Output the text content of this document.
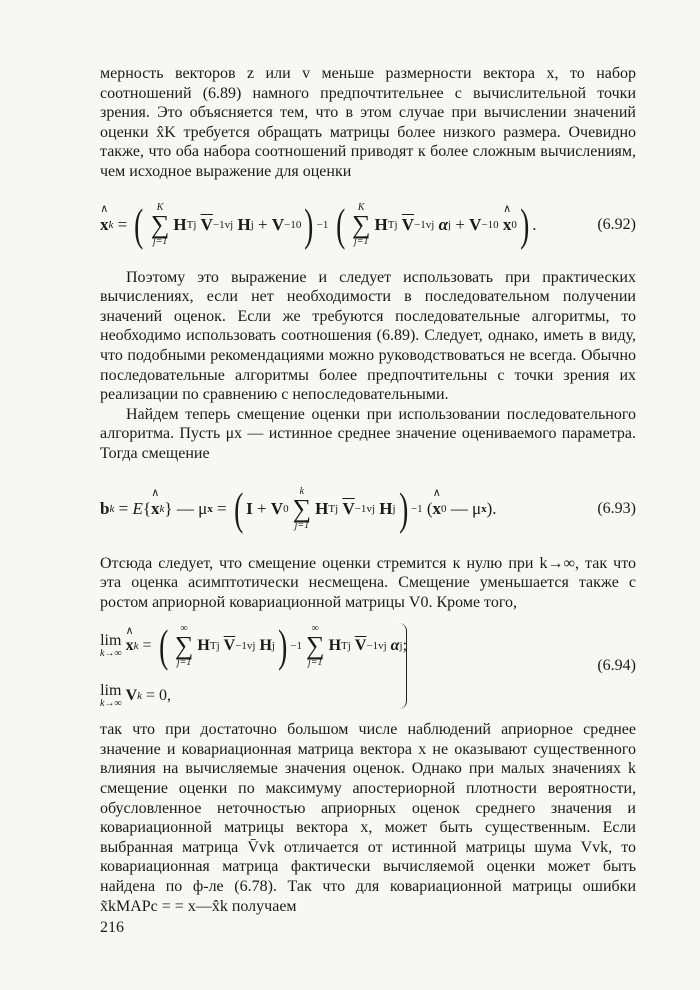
мерность векторов z или v меньше размерности вектора x, то набор соотношений (6.89) намного предпочтительнее с вычислительной точки зрения. Это объясняется тем, что в этом случае при вычислении значений оценки x̂K требуется обращать матрицы более низкого размера. Очевидно также, что оба набора соотношений приводят к более сложным вычислениям, чем исходное выражение для оценки

∧ x k = ( K
∑
j=1
H T j
$\overline{V} -1$ vj
H j + V −1 0 ) −1
( K
∑
j=1
H T j
$\overline{V} -1$ vj
α j + V −1 0
∧ x 0 ) .	(6.92)

Поэтому это выражение и следует использовать при практических вычислениях, если нет необходимости в последовательном получении значений оценок. Если же требуются последовательные алгоритмы, то необходимо использовать соотношения (6.89). Следует, однако, иметь в виду, что подобными рекомендациями можно руководствоваться не всегда. Обычно последовательные алгоритмы более предпочтительны с точки зрения их реализации по сравнению с непоследовательными.

Найдем теперь смещение оценки при использовании последовательного алгоритма. Пусть μx — истинное среднее значение оцениваемого параметра. Тогда смещение

b k = E { ∧ x k } — μ x = ( I + V 0
k
∑
j=1
H T j
$\overline{V} -1$ vj
H j ) −1 ( ∧ x 0 — μ x ).	(6.93)

Отсюда следует, что смещение оценки стремится к нулю при k→∞, так что эта оценка асимптотически несмещена. Смещение уменьшается также с ростом априорной ковариационной матрицы V0. Кроме того,

lim
k→∞ ∧ x k = ( ∞
∑
j=1
H T j
$\overline{V} -1$ vj
H j ) −1
∞
∑
j=1
H T j
$\overline{V} -1$ vj
α j ;
lim
k→∞ V k = 0,
(6.94)

так что при достаточно большом числе наблюдений априорное среднее значение и ковариационная матрица вектора x не оказывают существенного влияния на вычисляемые значения оценок. Однако при малых значениях k смещение оценки по максимуму апостериорной плотности вероятности, обусловленное неточностью априорных оценок среднего значения и ковариационной матрицы вектора x, может быть существенным. Если выбранная матрица V̄vk отличается от истинной матрицы шума Vvk, то ковариационная матрица фактически вычисляемой оценки может быть найдена по ф-ле (6.78). Так что для ковариационной матрицы ошибки x̃kMAPc = = x—x̂k получаем

216
